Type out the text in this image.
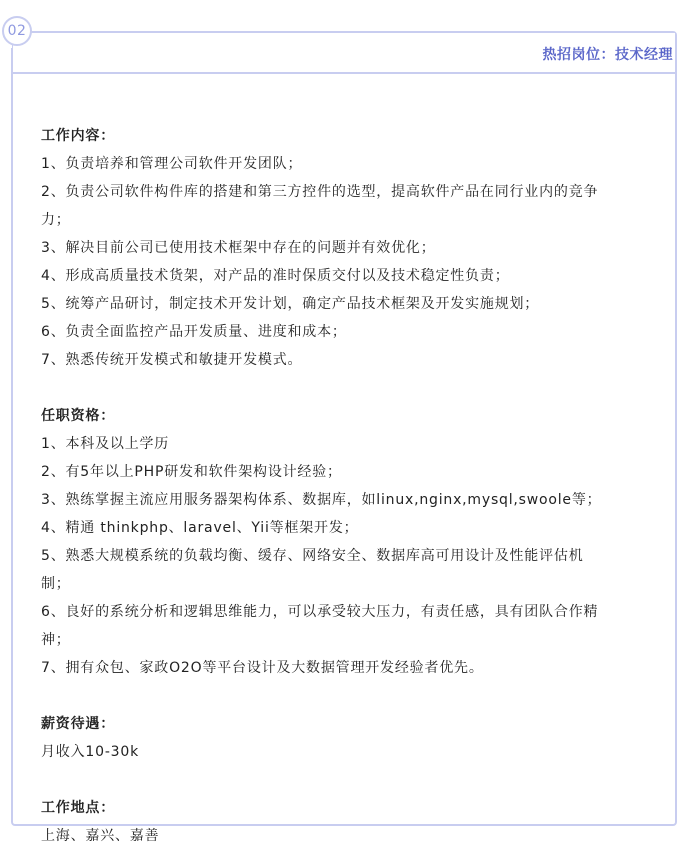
热招岗位：技术经理
工作内容：
1、负责培养和管理公司软件开发团队；
2、负责公司软件构件库的搭建和第三方控件的选型，提高软件产品在同行业内的竞争
力；
3、解决目前公司已使用技术框架中存在的问题并有效优化；
4、形成高质量技术货架，对产品的准时保质交付以及技术稳定性负责；
5、统筹产品研讨，制定技术开发计划，确定产品技术框架及开发实施规划；
6、负责全面监控产品开发质量、进度和成本；
7、熟悉传统开发模式和敏捷开发模式。
任职资格：
1、本科及以上学历
2、有5年以上PHP研发和软件架构设计经验；
3、熟练掌握主流应用服务器架构体系、数据库，如linux,nginx,mysql,swoole等；
4、精通 thinkphp、laravel、Yii等框架开发；
5、熟悉大规模系统的负载均衡、缓存、网络安全、数据库高可用设计及性能评估机
制；
6、良好的系统分析和逻辑思维能力，可以承受较大压力，有责任感，具有团队合作精
神；
7、拥有众包、家政O2O等平台设计及大数据管理开发经验者优先。
薪资待遇：
月收入10-30k
工作地点：
上海、嘉兴、嘉善
02
